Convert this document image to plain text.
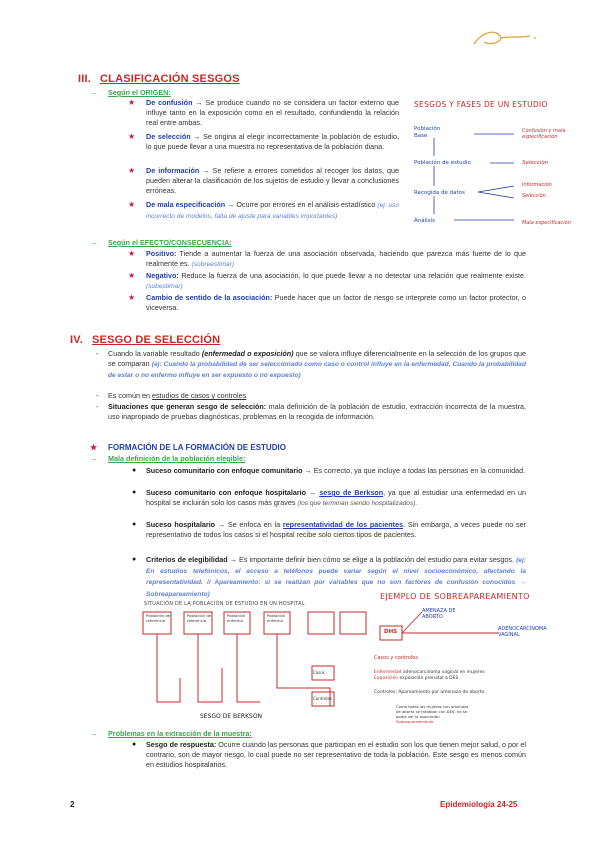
III. CLASIFICACIÓN SESGOS
→ Según el ORIGEN:
★ De confusión → Se produce cuando no se considera un factor externo que influye tanto en la exposición como en el resultado, confundiendo la relación real entre ambas.
★ De selección → Se origina al elegir incorrectamente la población de estudio, lo que puede llevar a una muestra no representativa de la población diana.
★ De información → Se refiere a errores cometidos al recoger los datos, que pueden alterar la clasificación de los sujetos de estudio y llevar a conclusiones erróneas.
★ De mala especificación → Ocurre por errores en el análisis estadístico (ej: uso incorrecto de modelos, falta de ajuste para variables importantes)
SESGOS Y FASES DE UN ESTUDIO
Población
Base
Población de estudio
Recogida de datos
Análisis
Confusión y mala especificación
Selección
Información
Selección
Mala especificación
→ Según el EFECTO/CONSECUENCIA:
★ Positivo: Tiende a aumentar la fuerza de una asociación observada, haciendo que parezca más fuerte de lo que realmente es. (sobreestimar)
★ Negativo: Reduce la fuerza de una asociación, lo que puede llevar a no detectar una relación que realmente existe. (subestimar)
★ Cambio de sentido de la asociación: Puede hacer que un factor de riesgo se interprete como un factor protector, o viceversa.
IV. SESGO DE SELECCIÓN
- Cuando la variable resultado (enfermedad o exposición) que se valora influye diferencialmente en la selección de los grupos que se comparan (ej: Cuando la probabilidad de ser seleccionado como caso o control influye en la enfermedad, Cuando la probabilidad de estar o no enfermo influye en ser expuesto o no expuesto)
- Es común en estudios de casos y controles
- Situaciones que generan sesgo de selección: mala definición de la población de estudio, extracción incorrecta de la muestra, uso inapropiado de pruebas diagnósticas, problemas en la recogida de información.
★ FORMACIÓN DE LA FORMACIÓN DE ESTUDIO
→ Mala definición de la población elegible:
● Suceso comunitario con enfoque comunitario → Es correcto, ya que incluye a todas las personas en la comunidad.
● Suceso comunitario con enfoque hospitalario → sesgo de Berkson, ya que al estudiar una enfermedad en un hospital se incluirán solo los casos más graves (los que terminan siendo hospitalizados).
● Suceso hospitalario → Se enfoca en la representatividad de los pacientes. Sin embargo, a veces puede no ser representativo de todos los casos si el hospital recibe solo ciertos tipos de pacientes.
● Criterios de elegibilidad → Es importante definir bien cómo se elige a la población del estudio para evitar sesgos. (ej: En estudios telefónicos, el acceso a teléfonos puede variar según el nivel socioeconómico, afectando la representatividad. // Apareamiento: si se realizan por variables que no son factores de confusión conocidos → Sobreapareamiento)
SITUACIÓN DE LA POBLACIÓN DE ESTUDIO EN UN HOSPITAL
Población de referencia
Población de referencia
Población enferma
Población enferma
Casos
Controles
SESGO DE BERKSON
EJEMPLO DE SOBREAPAREAMIENTO
DHS
AMENAZA DE ABORTO
ADENOCARCINOMA VAGINAL
Casos y controles
Enfermedad adenocarcinoma vaginal en mujeres
Exposición exposición prenatal a DES
Controles: Apareamiento por amenaza de aborto
Como todas las mujeres con amenaza
de aborto se trataban con DES, no se
podía ver la asociación
Sobreapareamiento
→ Problemas en la extracción de la muestra:
● Sesgo de respuesta: Ocurre cuando las personas que participan en el estudio son los que tienen mejor salud, o por el contrario, son de mayor riesgo, lo cual puede no ser representativo de toda la población. Este sesgo es menos común en estudios hospitalarios.
2	Epidemiología 24-25
